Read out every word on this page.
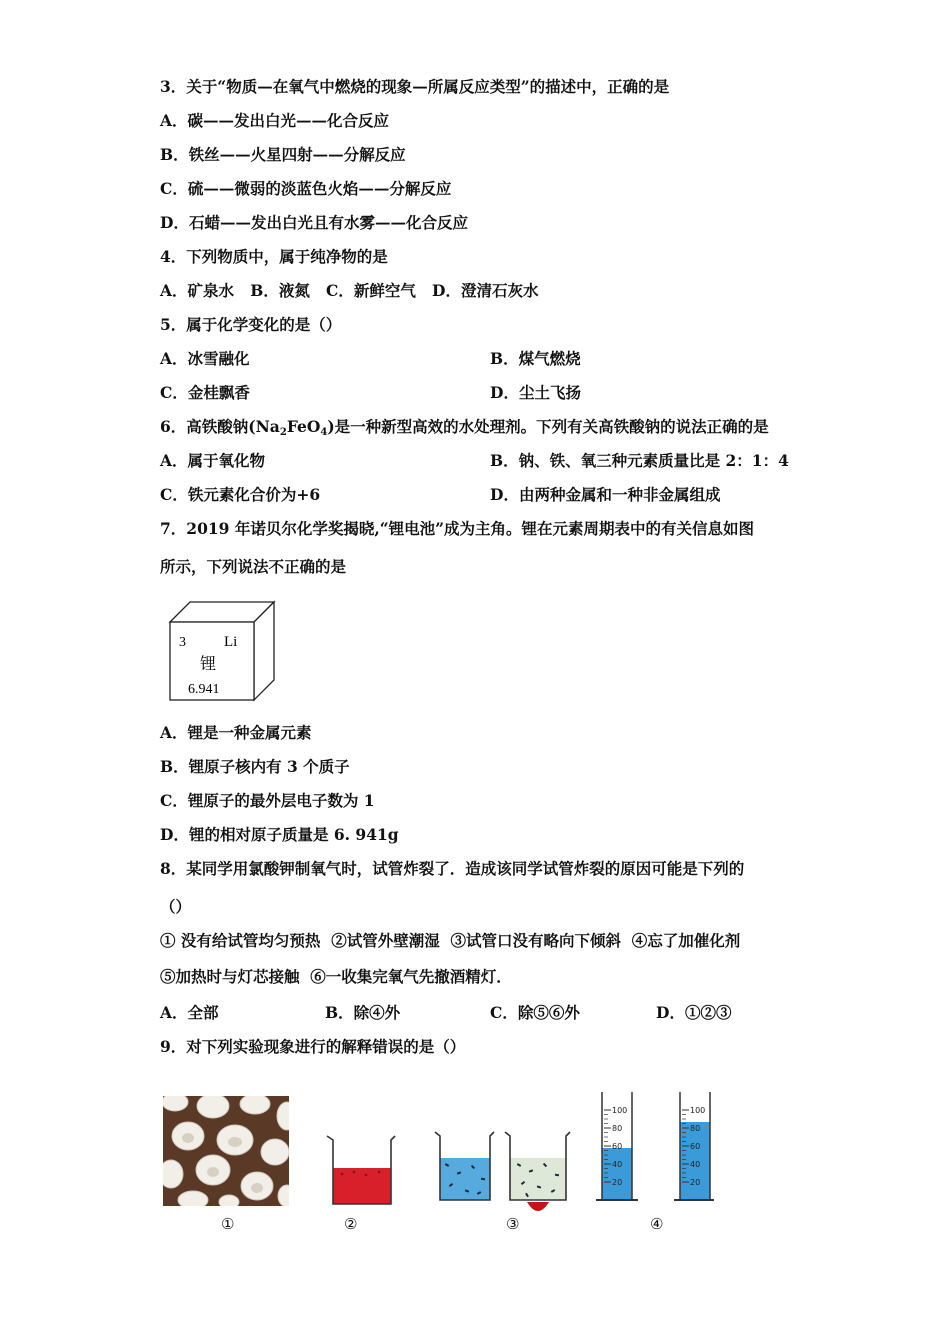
3．关于“物质—在氧气中燃烧的现象—所属反应类型”的描述中，正确的是
A．碳——发出白光——化合反应
B．铁丝——火星四射——分解反应
C．硫——微弱的淡蓝色火焰——分解反应
D．石蜡——发出白光且有水雾——化合反应
4．下列物质中，属于纯净物的是
A．矿泉水   B．液氮   C．新鲜空气   D．澄清石灰水
5．属于化学变化的是（）
A．冰雪融化	B．煤气燃烧
C．金桂飘香	D．尘土飞扬
6．高铁酸钠$(Na_2FeO_4)$是一种新型高效的水处理剂。下列有关高铁酸钠的说法正确的是
A．属于氧化物	B．钠、铁、氧三种元素质量比是 2：1：4
C．铁元素化合价为+6	D．由两种金属和一种非金属组成
7．2019 年诺贝尔化学奖揭晓,“锂电池”成为主角。锂在元素周期表中的有关信息如图
所示，下列说法不正确的是
3	Li
锂
6.941
A．锂是一种金属元素
B．锂原子核内有 3 个质子
C．锂原子的最外层电子数为 1
D．锂的相对原子质量是 6. 941g
8．某同学用氯酸钾制氧气时，试管炸裂了．造成该同学试管炸裂的原因可能是下列的
（）
① 没有给试管均匀预热  ②试管外壁潮湿  ③试管口没有略向下倾斜  ④忘了加催化剂
⑤加热时与灯芯接触  ⑥一收集完氧气先撤酒精灯．
A．全部	B．除④外	C．除⑤⑥外	D．①②③
9．对下列实验现象进行的解释错误的是（）
100
80
60
40
20
100
80
60
40
20
①	②	③	④
